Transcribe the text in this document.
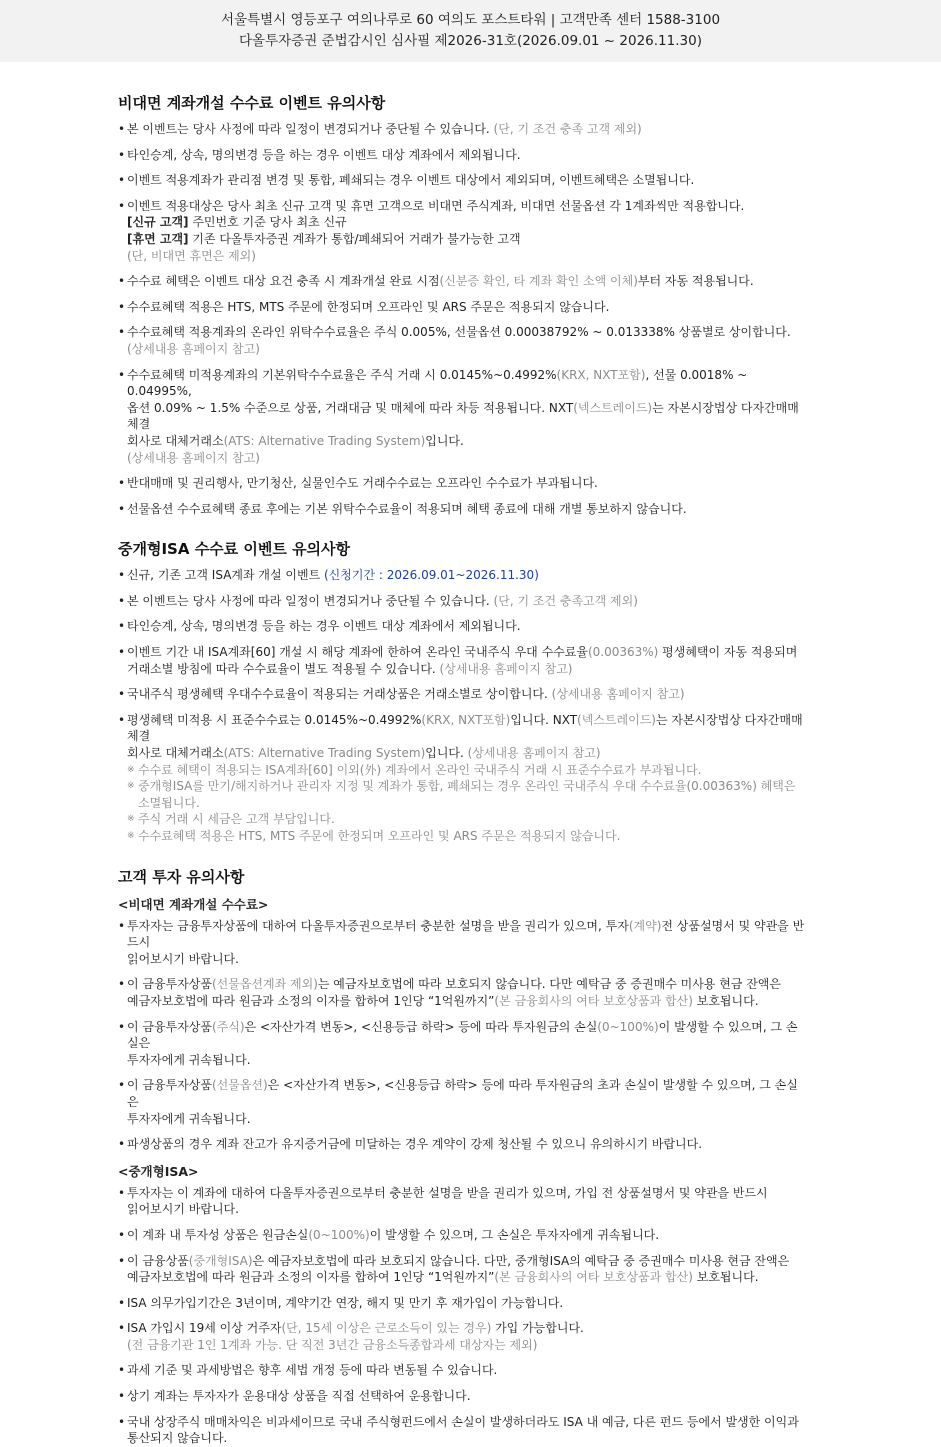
서울특별시 영등포구 여의나루로 60 여의도 포스트타워 | 고객만족 센터 1588-3100
다올투자증권 준법감시인 심사필 제2026-31호(2026.09.01 ~ 2026.11.30)
비대면 계좌개설 수수료 이벤트 유의사항
• 본 이벤트는 당사 사정에 따라 일정이 변경되거나 중단될 수 있습니다. (단, 기 조건 충족 고객 제외)
• 타인승계, 상속, 명의변경 등을 하는 경우 이벤트 대상 계좌에서 제외됩니다.
• 이벤트 적용계좌가 관리점 변경 및 통합, 폐쇄되는 경우 이벤트 대상에서 제외되며, 이벤트혜택은 소멸됩니다.
• 이벤트 적용대상은 당사 최초 신규 고객 및 휴면 고객으로 비대면 주식계좌, 비대면 선물옵션 각 1계좌씩만 적용합니다.
[신규 고객] 주민번호 기준 당사 최초 신규
[휴면 고객] 기존 다올투자증권 계좌가 통합/폐쇄되어 거래가 불가능한 고객
(단, 비대면 휴면은 제외)
• 수수료 혜택은 이벤트 대상 요건 충족 시 계좌개설 완료 시점(신분증 확인, 타 계좌 확인 소액 이체)부터 자동 적용됩니다.
• 수수료혜택 적용은 HTS, MTS 주문에 한정되며 오프라인 및 ARS 주문은 적용되지 않습니다.
• 수수료혜택 적용계좌의 온라인 위탁수수료율은 주식 0.005%, 선물옵션 0.00038792% ~ 0.013338% 상품별로 상이합니다.
(상세내용 홈페이지 참고)
• 수수료혜택 미적용계좌의 기본위탁수수료율은 주식 거래 시 0.0145%~0.4992%(KRX, NXT포함), 선물 0.0018% ~ 0.04995%,
옵션 0.09% ~ 1.5% 수준으로 상품, 거래대금 및 매체에 따라 차등 적용됩니다. NXT(넥스트레이드)는 자본시장법상 다자간매매체결
회사로 대체거래소(ATS: Alternative Trading System)입니다.
(상세내용 홈페이지 참고)
• 반대매매 및 권리행사, 만기청산, 실물인수도 거래수수료는 오프라인 수수료가 부과됩니다.
• 선물옵션 수수료혜택 종료 후에는 기본 위탁수수료율이 적용되며 혜택 종료에 대해 개별 통보하지 않습니다.
중개형ISA 수수료 이벤트 유의사항
• 신규, 기존 고객 ISA계좌 개설 이벤트 (신청기간 : 2026.09.01~2026.11.30)
• 본 이벤트는 당사 사정에 따라 일정이 변경되거나 중단될 수 있습니다. (단, 기 조건 충족고객 제외)
• 타인승계, 상속, 명의변경 등을 하는 경우 이벤트 대상 계좌에서 제외됩니다.
• 이벤트 기간 내 ISA계좌[60] 개설 시 해당 계좌에 한하여 온라인 국내주식 우대 수수료율(0.00363%) 평생혜택이 자동 적용되며
거래소별 방침에 따라 수수료율이 별도 적용될 수 있습니다. (상세내용 홈페이지 참고)
• 국내주식 평생혜택 우대수수료율이 적용되는 거래상품은 거래소별로 상이합니다. (상세내용 홈페이지 참고)
• 평생혜택 미적용 시 표준수수료는 0.0145%~0.4992%(KRX, NXT포함)입니다. NXT(넥스트레이드)는 자본시장법상 다자간매매체결
회사로 대체거래소(ATS: Alternative Trading System)입니다. (상세내용 홈페이지 참고)
※ 수수료 혜택이 적용되는 ISA계좌[60] 이외(外) 계좌에서 온라인 국내주식 거래 시 표준수수료가 부과됩니다.
※ 중개형ISA를 만기/해지하거나 관리자 지정 및 계좌가 통합, 폐쇄되는 경우 온라인 국내주식 우대 수수료율(0.00363%) 혜택은 소멸됩니다.
※ 주식 거래 시 세금은 고객 부담입니다.
※ 수수료혜택 적용은 HTS, MTS 주문에 한정되며 오프라인 및 ARS 주문은 적용되지 않습니다.
고객 투자 유의사항
<비대면 계좌개설 수수료>
• 투자자는 금융투자상품에 대하여 다올투자증권으로부터 충분한 설명을 받을 권리가 있으며, 투자(계약)전 상품설명서 및 약관을 반드시
읽어보시기 바랍니다.
• 이 금융투자상품(선물옵션계좌 제외)는 예금자보호법에 따라 보호되지 않습니다. 다만 예탁금 중 증권매수 미사용 현금 잔액은
예금자보호법에 따라 원금과 소정의 이자를 합하여 1인당 “1억원까지”(본 금융회사의 여타 보호상품과 합산) 보호됩니다.
• 이 금융투자상품(주식)은 <자산가격 변동>, <신용등급 하락> 등에 따라 투자원금의 손실(0~100%)이 발생할 수 있으며, 그 손실은
투자자에게 귀속됩니다.
• 이 금융투자상품(선물옵션)은 <자산가격 변동>, <신용등급 하락> 등에 따라 투자원금의 초과 손실이 발생할 수 있으며, 그 손실은
투자자에게 귀속됩니다.
• 파생상품의 경우 계좌 잔고가 유지증거금에 미달하는 경우 계약이 강제 청산될 수 있으니 유의하시기 바랍니다.
<중개형ISA>
• 투자자는 이 계좌에 대하여 다올투자증권으로부터 충분한 설명을 받을 권리가 있으며, 가입 전 상품설명서 및 약관을 반드시
읽어보시기 바랍니다.
• 이 계좌 내 투자성 상품은 원금손실(0~100%)이 발생할 수 있으며, 그 손실은 투자자에게 귀속됩니다.
• 이 금융상품(중개형ISA)은 예금자보호법에 따라 보호되지 않습니다. 다만, 중개형ISA의 예탁금 중 증권매수 미사용 현금 잔액은
예금자보호법에 따라 원금과 소정의 이자를 합하여 1인당 “1억원까지”(본 금융회사의 여타 보호상품과 합산) 보호됩니다.
• ISA 의무가입기간은 3년이며, 계약기간 연장, 해지 및 만기 후 재가입이 가능합니다.
• ISA 가입시 19세 이상 거주자(단, 15세 이상은 근로소득이 있는 경우) 가입 가능합니다.
(전 금융기관 1인 1계좌 가능. 단 직전 3년간 금융소득종합과세 대상자는 제외)
• 과세 기준 및 과세방법은 향후 세법 개정 등에 따라 변동될 수 있습니다.
• 상기 계좌는 투자자가 운용대상 상품을 직접 선택하여 운용합니다.
• 국내 상장주식 매매차익은 비과세이므로 국내 주식형펀드에서 손실이 발생하더라도 ISA 내 예금, 다른 펀드 등에서 발생한 이익과
통산되지 않습니다.
